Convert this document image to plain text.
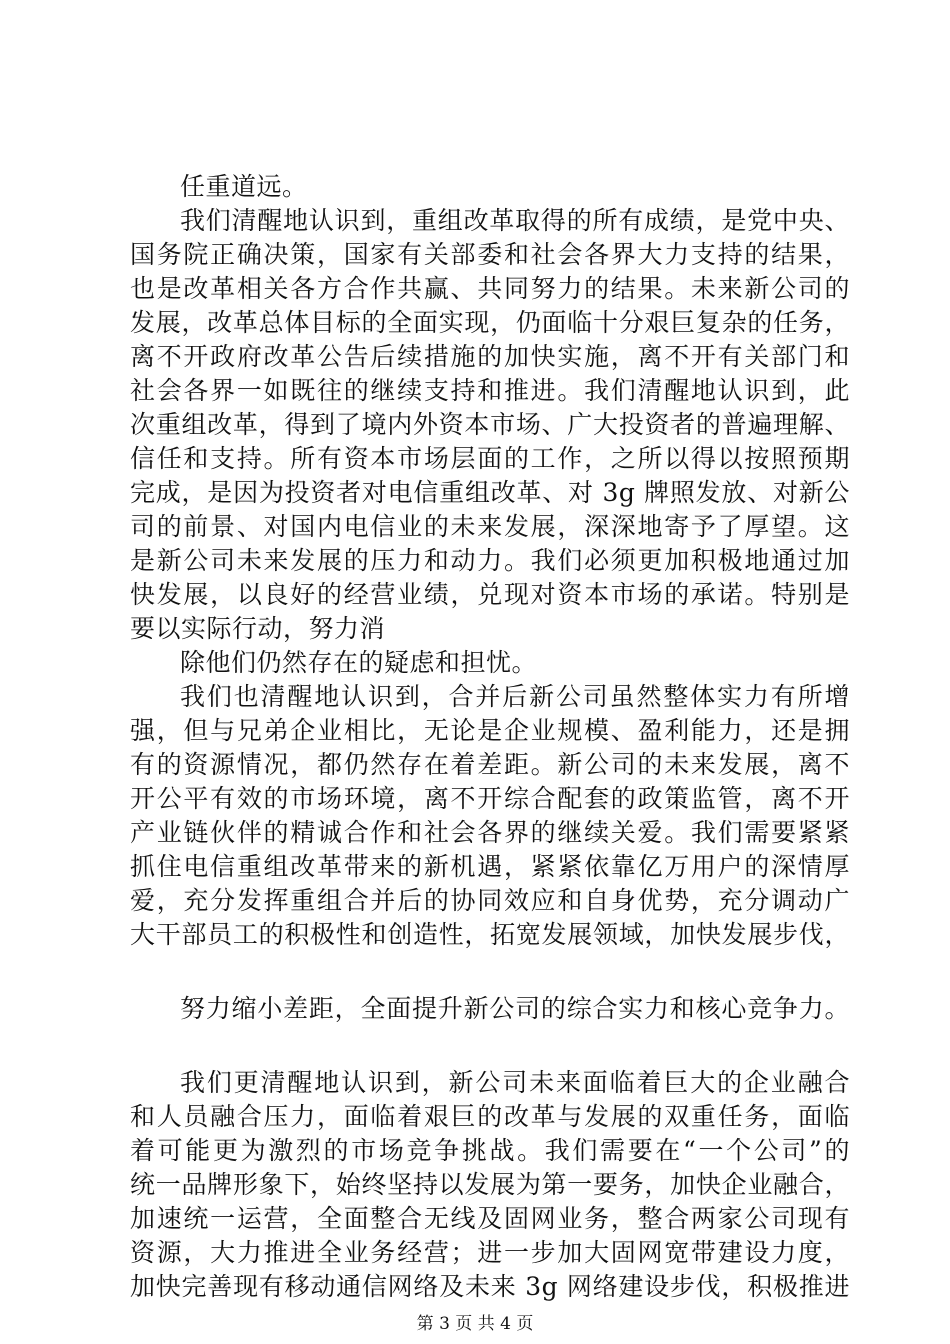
任重道远。
我们清醒地认识到，重组改革取得的所有成绩，是党中央、
国务院正确决策，国家有关部委和社会各界大力支持的结果，
也是改革相关各方合作共赢、共同努力的结果。未来新公司的
发展，改革总体目标的全面实现，仍面临十分艰巨复杂的任务，
离不开政府改革公告后续措施的加快实施，离不开有关部门和
社会各界一如既往的继续支持和推进。我们清醒地认识到，此
次重组改革，得到了境内外资本市场、广大投资者的普遍理解、
信任和支持。所有资本市场层面的工作，之所以得以按照预期
完成，是因为投资者对电信重组改革、对 3g 牌照发放、对新公
司的前景、对国内电信业的未来发展，深深地寄予了厚望。这
是新公司未来发展的压力和动力。我们必须更加积极地通过加
快发展，以良好的经营业绩，兑现对资本市场的承诺。特别是
要以实际行动，努力消
除他们仍然存在的疑虑和担忧。
我们也清醒地认识到，合并后新公司虽然整体实力有所增
强，但与兄弟企业相比，无论是企业规模、盈利能力，还是拥
有的资源情况，都仍然存在着差距。新公司的未来发展，离不
开公平有效的市场环境，离不开综合配套的政策监管，离不开
产业链伙伴的精诚合作和社会各界的继续关爱。我们需要紧紧
抓住电信重组改革带来的新机遇，紧紧依靠亿万用户的深情厚
爱，充分发挥重组合并后的协同效应和自身优势，充分调动广
大干部员工的积极性和创造性，拓宽发展领域，加快发展步伐，
努力缩小差距，全面提升新公司的综合实力和核心竞争力。
我们更清醒地认识到，新公司未来面临着巨大的企业融合
和人员融合压力，面临着艰巨的改革与发展的双重任务，面临
着可能更为激烈的市场竞争挑战。我们需要在“一个公司”的
统一品牌形象下，始终坚持以发展为第一要务，加快企业融合，
加速统一运营，全面整合无线及固网业务，整合两家公司现有
资源，大力推进全业务经营；进一步加大固网宽带建设力度，
第 3 页 共 4 页
加快完善现有移动通信网络及未来 3g 网络建设步伐，积极推进
